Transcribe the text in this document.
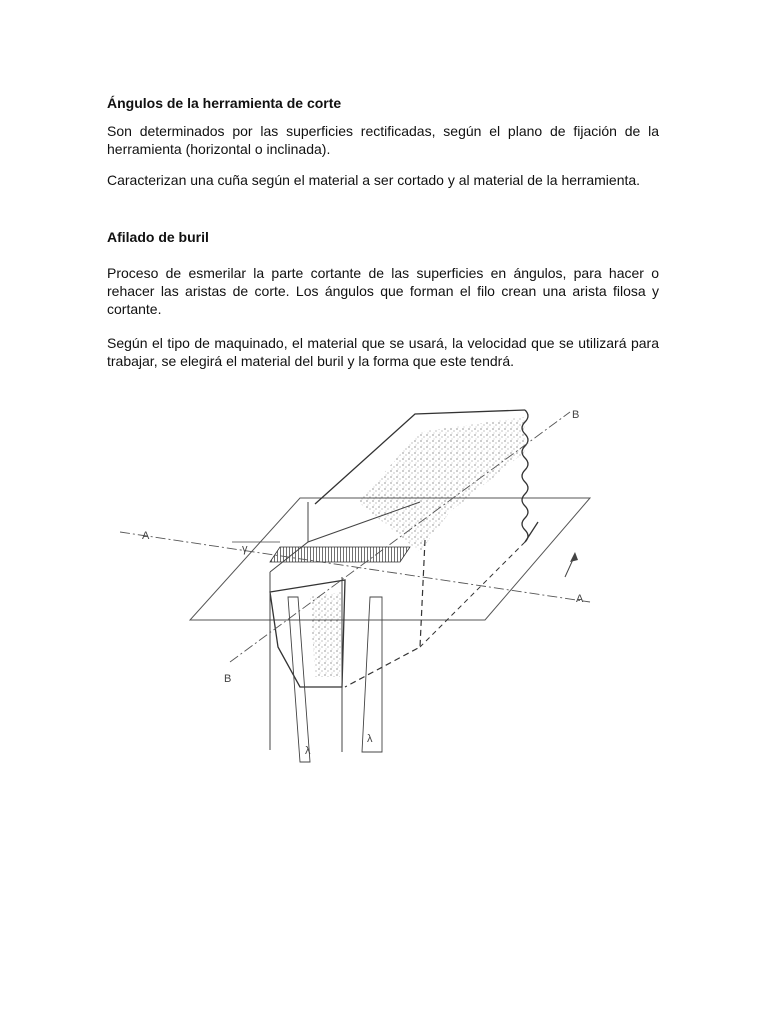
Ángulos de la herramienta de corte

Son determinados por las superficies rectificadas, según el plano de fijación de la herramienta (horizontal o inclinada).

Caracterizan una cuña según el material a ser cortado y al material de la herramienta.

Afilado de buril

Proceso de esmerilar la parte cortante de las superficies en ángulos, para hacer o rehacer las aristas de corte. Los ángulos que forman el filo crean una arista filosa y cortante.

Según el tipo de maquinado, el material que se usará, la velocidad que se utilizará para trabajar, se elegirá el material del buril y la forma que este tendrá.

A
A
B
B
γ
λ
λ
